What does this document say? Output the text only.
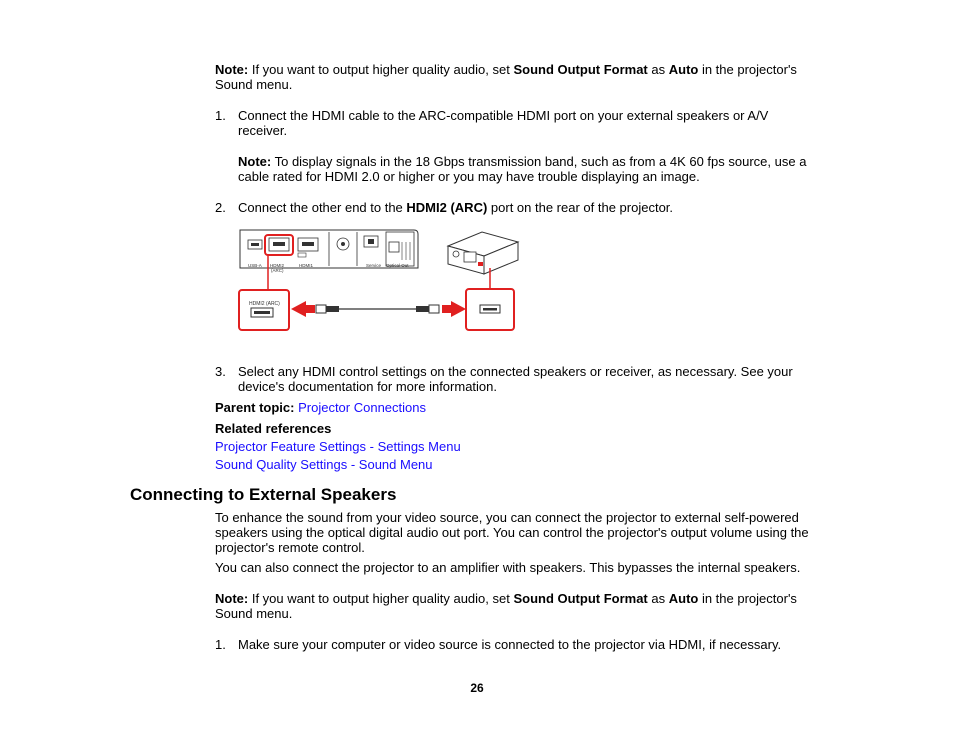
Note: If you want to output higher quality audio, set Sound Output Format as Auto in the projector's Sound menu.
1. Connect the HDMI cable to the ARC-compatible HDMI port on your external speakers or A/V receiver.
Note: To display signals in the 18 Gbps transmission band, such as from a 4K 60 fps source, use a cable rated for HDMI 2.0 or higher or you may have trouble displaying an image.
2. Connect the other end to the HDMI2 (ARC) port on the rear of the projector.
USB-A HDMI2
(ARC)
HDMI1	Service Optical Out
HDMI2 (ARC)
3. Select any HDMI control settings on the connected speakers or receiver, as necessary. See your device's documentation for more information.
Parent topic: Projector Connections
Related references
Projector Feature Settings - Settings Menu
Sound Quality Settings - Sound Menu
Connecting to External Speakers
To enhance the sound from your video source, you can connect the projector to external self-powered speakers using the optical digital audio out port. You can control the projector's output volume using the projector's remote control.
You can also connect the projector to an amplifier with speakers. This bypasses the internal speakers.
Note: If you want to output higher quality audio, set Sound Output Format as Auto in the projector's Sound menu.
1. Make sure your computer or video source is connected to the projector via HDMI, if necessary.
26
